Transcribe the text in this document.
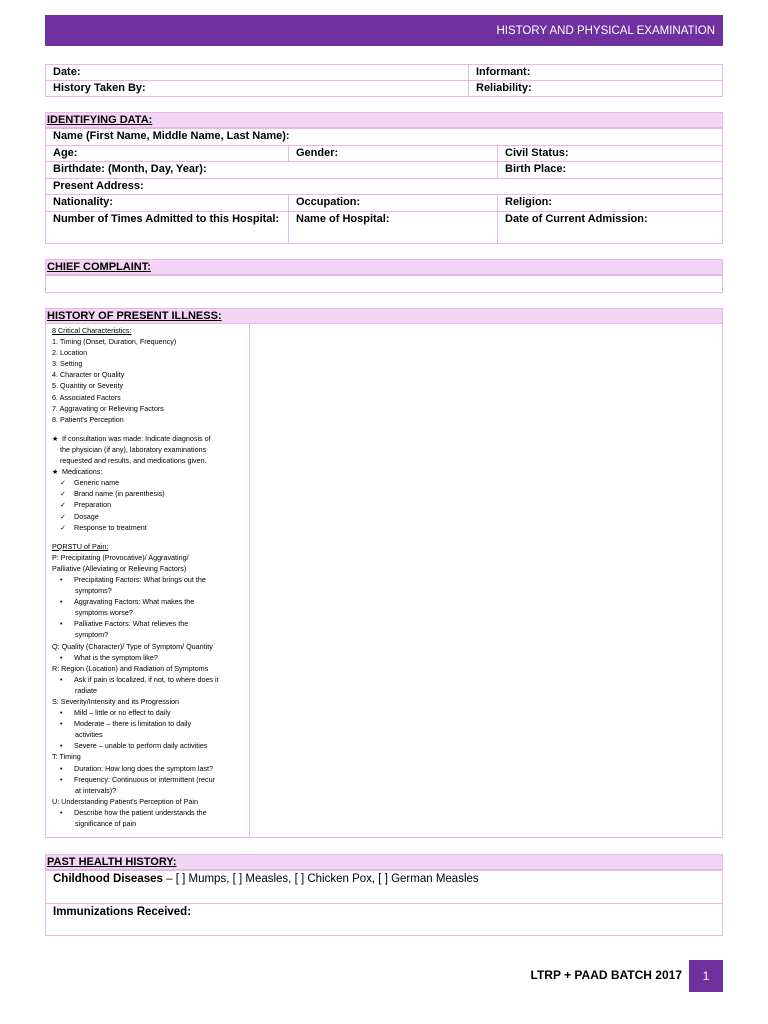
HISTORY AND PHYSICAL EXAMINATION
Date:	Informant:
History Taken By:	Reliability:
IDENTIFYING DATA:
Name (First Name, Middle Name, Last Name):		
Age:	Gender:	Civil Status:
Birthdate: (Month, Day, Year):		Birth Place:
Present Address:		
Nationality:	Occupation:	Religion:
Number of Times Admitted to this Hospital:	Name of Hospital:	Date of Current Admission:
CHIEF COMPLAINT:
HISTORY OF PRESENT ILLNESS:
8 Critical Characteristics:
1. Timing (Onset, Duration, Frequency)
2. Location
3. Setting
4. Character or Quality
5. Quantity or Severity
6. Associated Factors
7. Aggravating or Relieving Factors
8. Patient's Perception
★ If consultation was made: Indicate diagnosis of
the physician (if any), laboratory examinations
requested and results, and medications given.
★ Medications:
✓ Generic name
✓ Brand name (in parenthesis)
✓ Preparation
✓ Dosage
✓ Response to treatment
PQRSTU of Pain:
P: Precipitating (Provocative)/ Aggravating/
Palliative (Alleviating or Relieving Factors)
• Precipitating Factors: What brings out the
symptoms?
• Aggravating Factors: What makes the
symptoms worse?
• Palliative Factors: What relieves the
symptom?
Q: Quality (Character)/ Type of Symptom/ Quantity
• What is the symptom like?
R: Region (Location) and Radiation of Symptoms
• Ask if pain is localized, if not, to where does it
radiate
S: Severity/Intensity and its Progression
• Mild – little or no effect to daily
• Moderate – there is limitation to daily
activities
• Severe – unable to perform daily activities
T: Timing
• Duration: How long does the symptom last?
• Frequency: Continuous or intermittent (recur
at intervals)?
U: Understanding Patient's Perception of Pain
• Describe how the patient understands the
significance of pain
PAST HEALTH HISTORY:
Childhood Diseases – [ ] Mumps, [ ] Measles, [ ] Chicken Pox, [ ] German Measles
Immunizations Received:
LTRP + PAAD BATCH 2017 1
